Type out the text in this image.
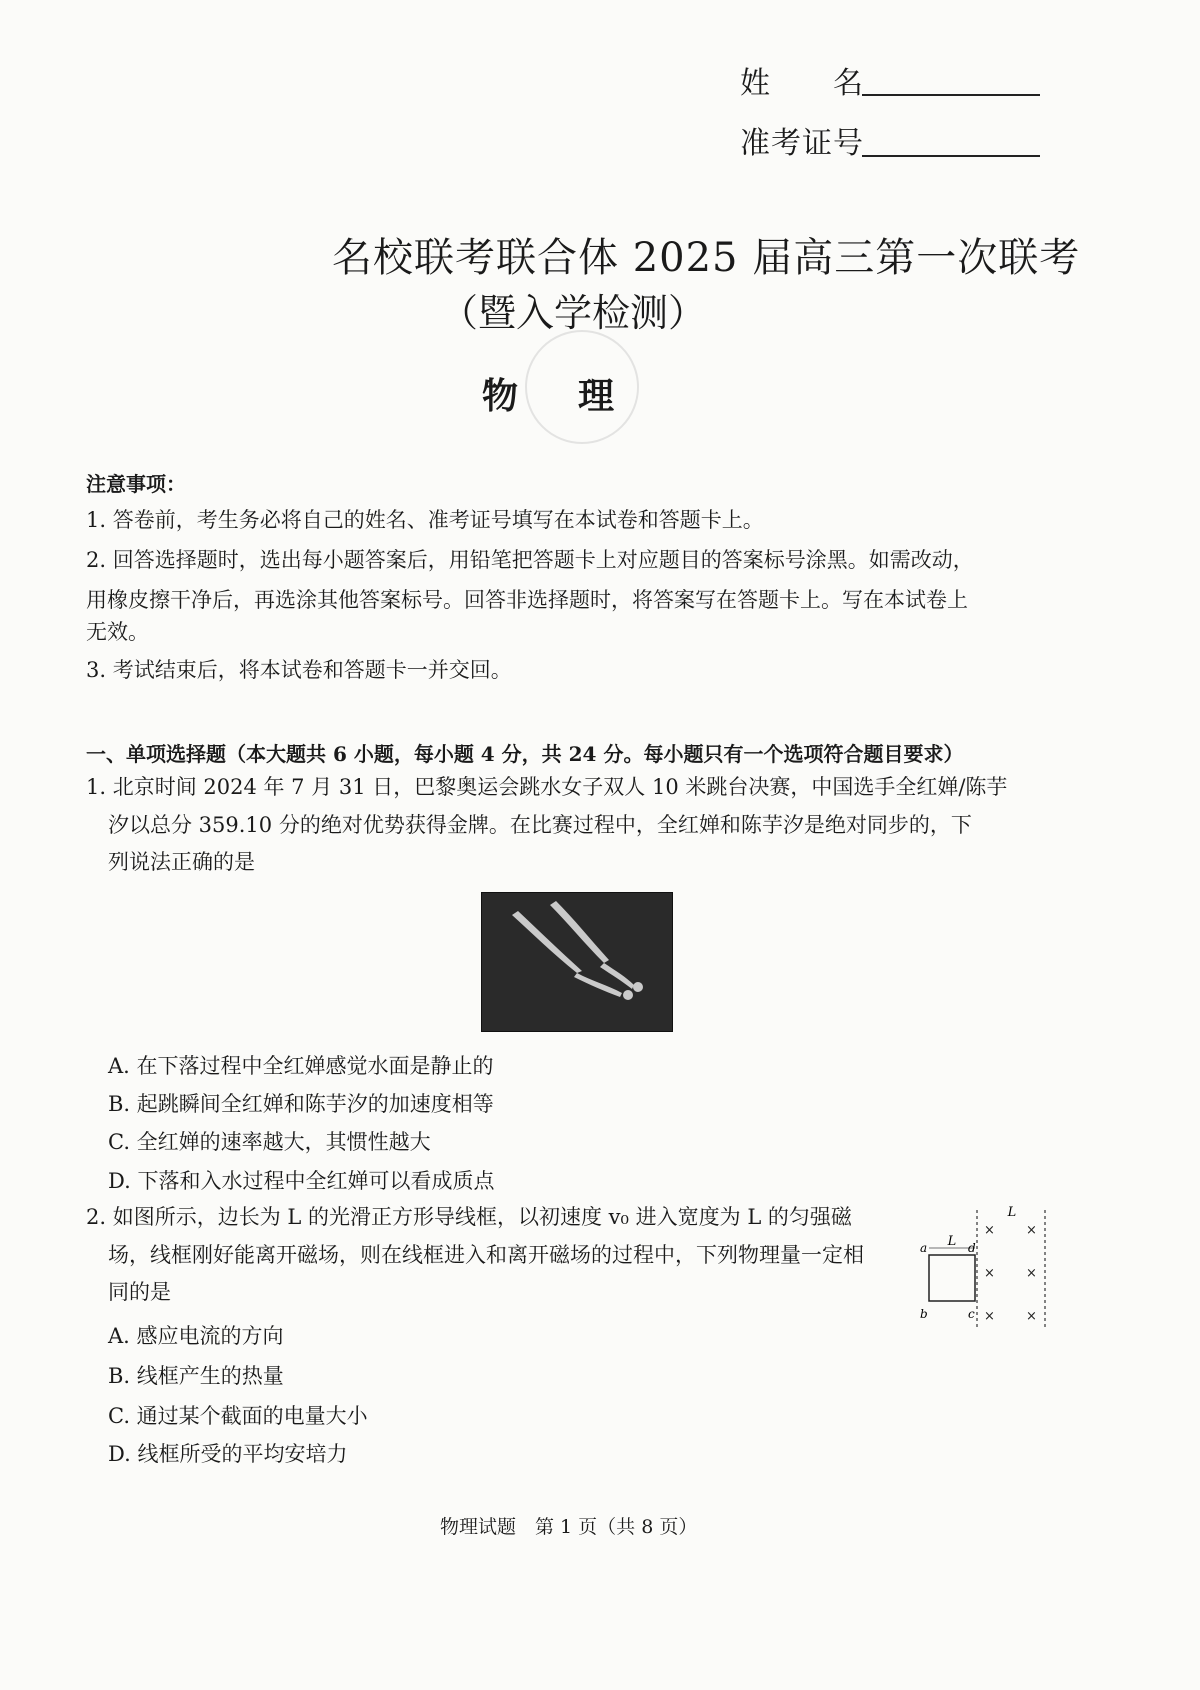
姓　　名
准考证号
名校联考联合体 2025 届高三第一次联考
（暨入学检测）
物理
注意事项：
1. 答卷前，考生务必将自己的姓名、准考证号填写在本试卷和答题卡上。
2. 回答选择题时，选出每小题答案后，用铅笔把答题卡上对应题目的答案标号涂黑。如需改动，
用橡皮擦干净后，再选涂其他答案标号。回答非选择题时，将答案写在答题卡上。写在本试卷上
无效。
3. 考试结束后，将本试卷和答题卡一并交回。
一、单项选择题（本大题共 6 小题，每小题 4 分，共 24 分。每小题只有一个选项符合题目要求）
1. 北京时间 2024 年 7 月 31 日，巴黎奥运会跳水女子双人 10 米跳台决赛，中国选手全红婵/陈芋
汐以总分 359.10 分的绝对优势获得金牌。在比赛过程中，全红婵和陈芋汐是绝对同步的，下
列说法正确的是
A. 在下落过程中全红婵感觉水面是静止的
B. 起跳瞬间全红婵和陈芋汐的加速度相等
C. 全红婵的速率越大，其惯性越大
D. 下落和入水过程中全红婵可以看成质点
2. 如图所示，边长为 L 的光滑正方形导线框，以初速度 v₀ 进入宽度为 L 的匀强磁
场，线框刚好能离开磁场，则在线框进入和离开磁场的过程中，下列物理量一定相
同的是
L
L
a
b	c
d
× ×
× ×
× ×
A. 感应电流的方向
B. 线框产生的热量
C. 通过某个截面的电量大小
D. 线框所受的平均安培力
物理试题　第 1 页（共 8 页）
